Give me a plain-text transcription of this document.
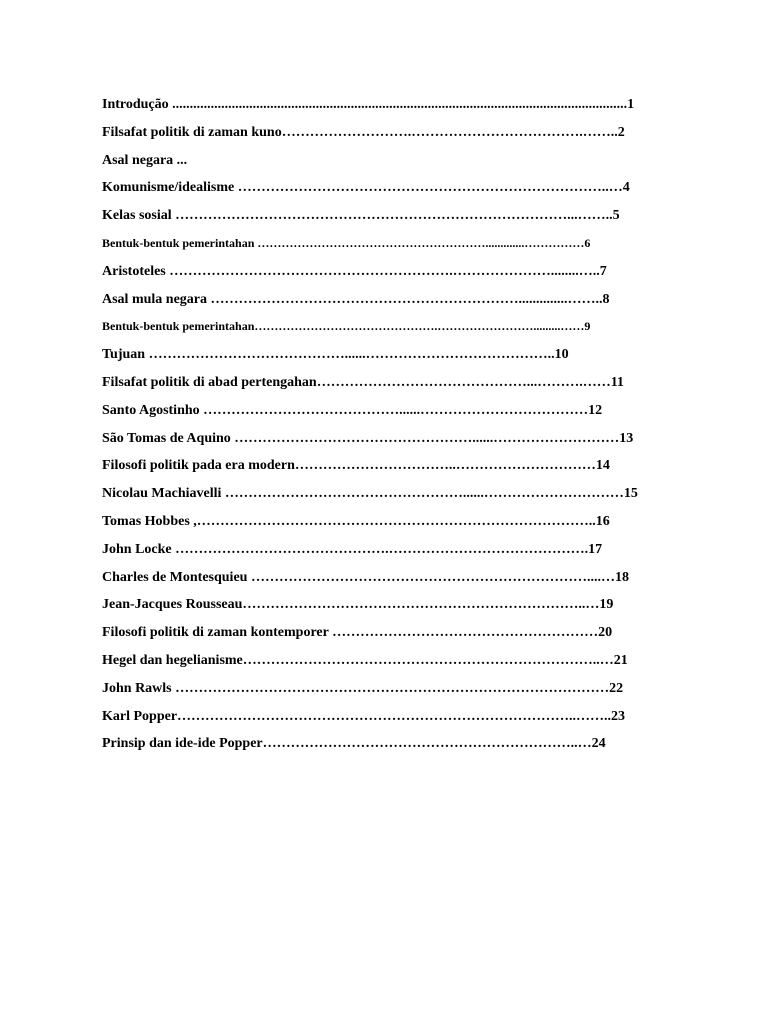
Introdução ..................................................................................................................................1
Filsafat politik di zaman kuno……………………….……………………………….……..2
Asal negara ...
Komunisme/idealisme ……………………………………………………………………..…4
Kelas sosial …………………………………………………………………………...……..5
Bentuk-bentuk pemerintahan ………………………………………………….............……………6
Aristoteles …………………………………………………….…………………........…..7
Asal mula negara …………………………………………………………..............……..8
Bentuk-bentuk pemerintahan……………………………………….…………………….........……9
Tujuan ……………………………………......…………………………………..10
Filsafat politik di abad pertengahan………………………………………...……….……11
Santo Agostinho ……………………………………......………………………………12
São Tomas de Aquino ……………………………………………......………………………13
Filosofi politik pada era modern……………………………..…………………………14
Nicolau Machiavelli ……………………………………………......…………………………15
Tomas Hobbes ,…………………………………………………………………………..16
John Locke ……………………………………….…………………………………….17
Charles de Montesquieu ………………………………………………………………....…18
Jean-Jacques Rousseau………………………………………………………………..…19
Filosofi politik di zaman kontemporer …………………………………………………20
Hegel dan hegelianisme…………………………………………………………………..…21
John Rawls …………………………………………………………………………………22
Karl Popper…………………………………………………………………………..……..23
Prinsip dan ide-ide Popper…………………………………………………………..…24
